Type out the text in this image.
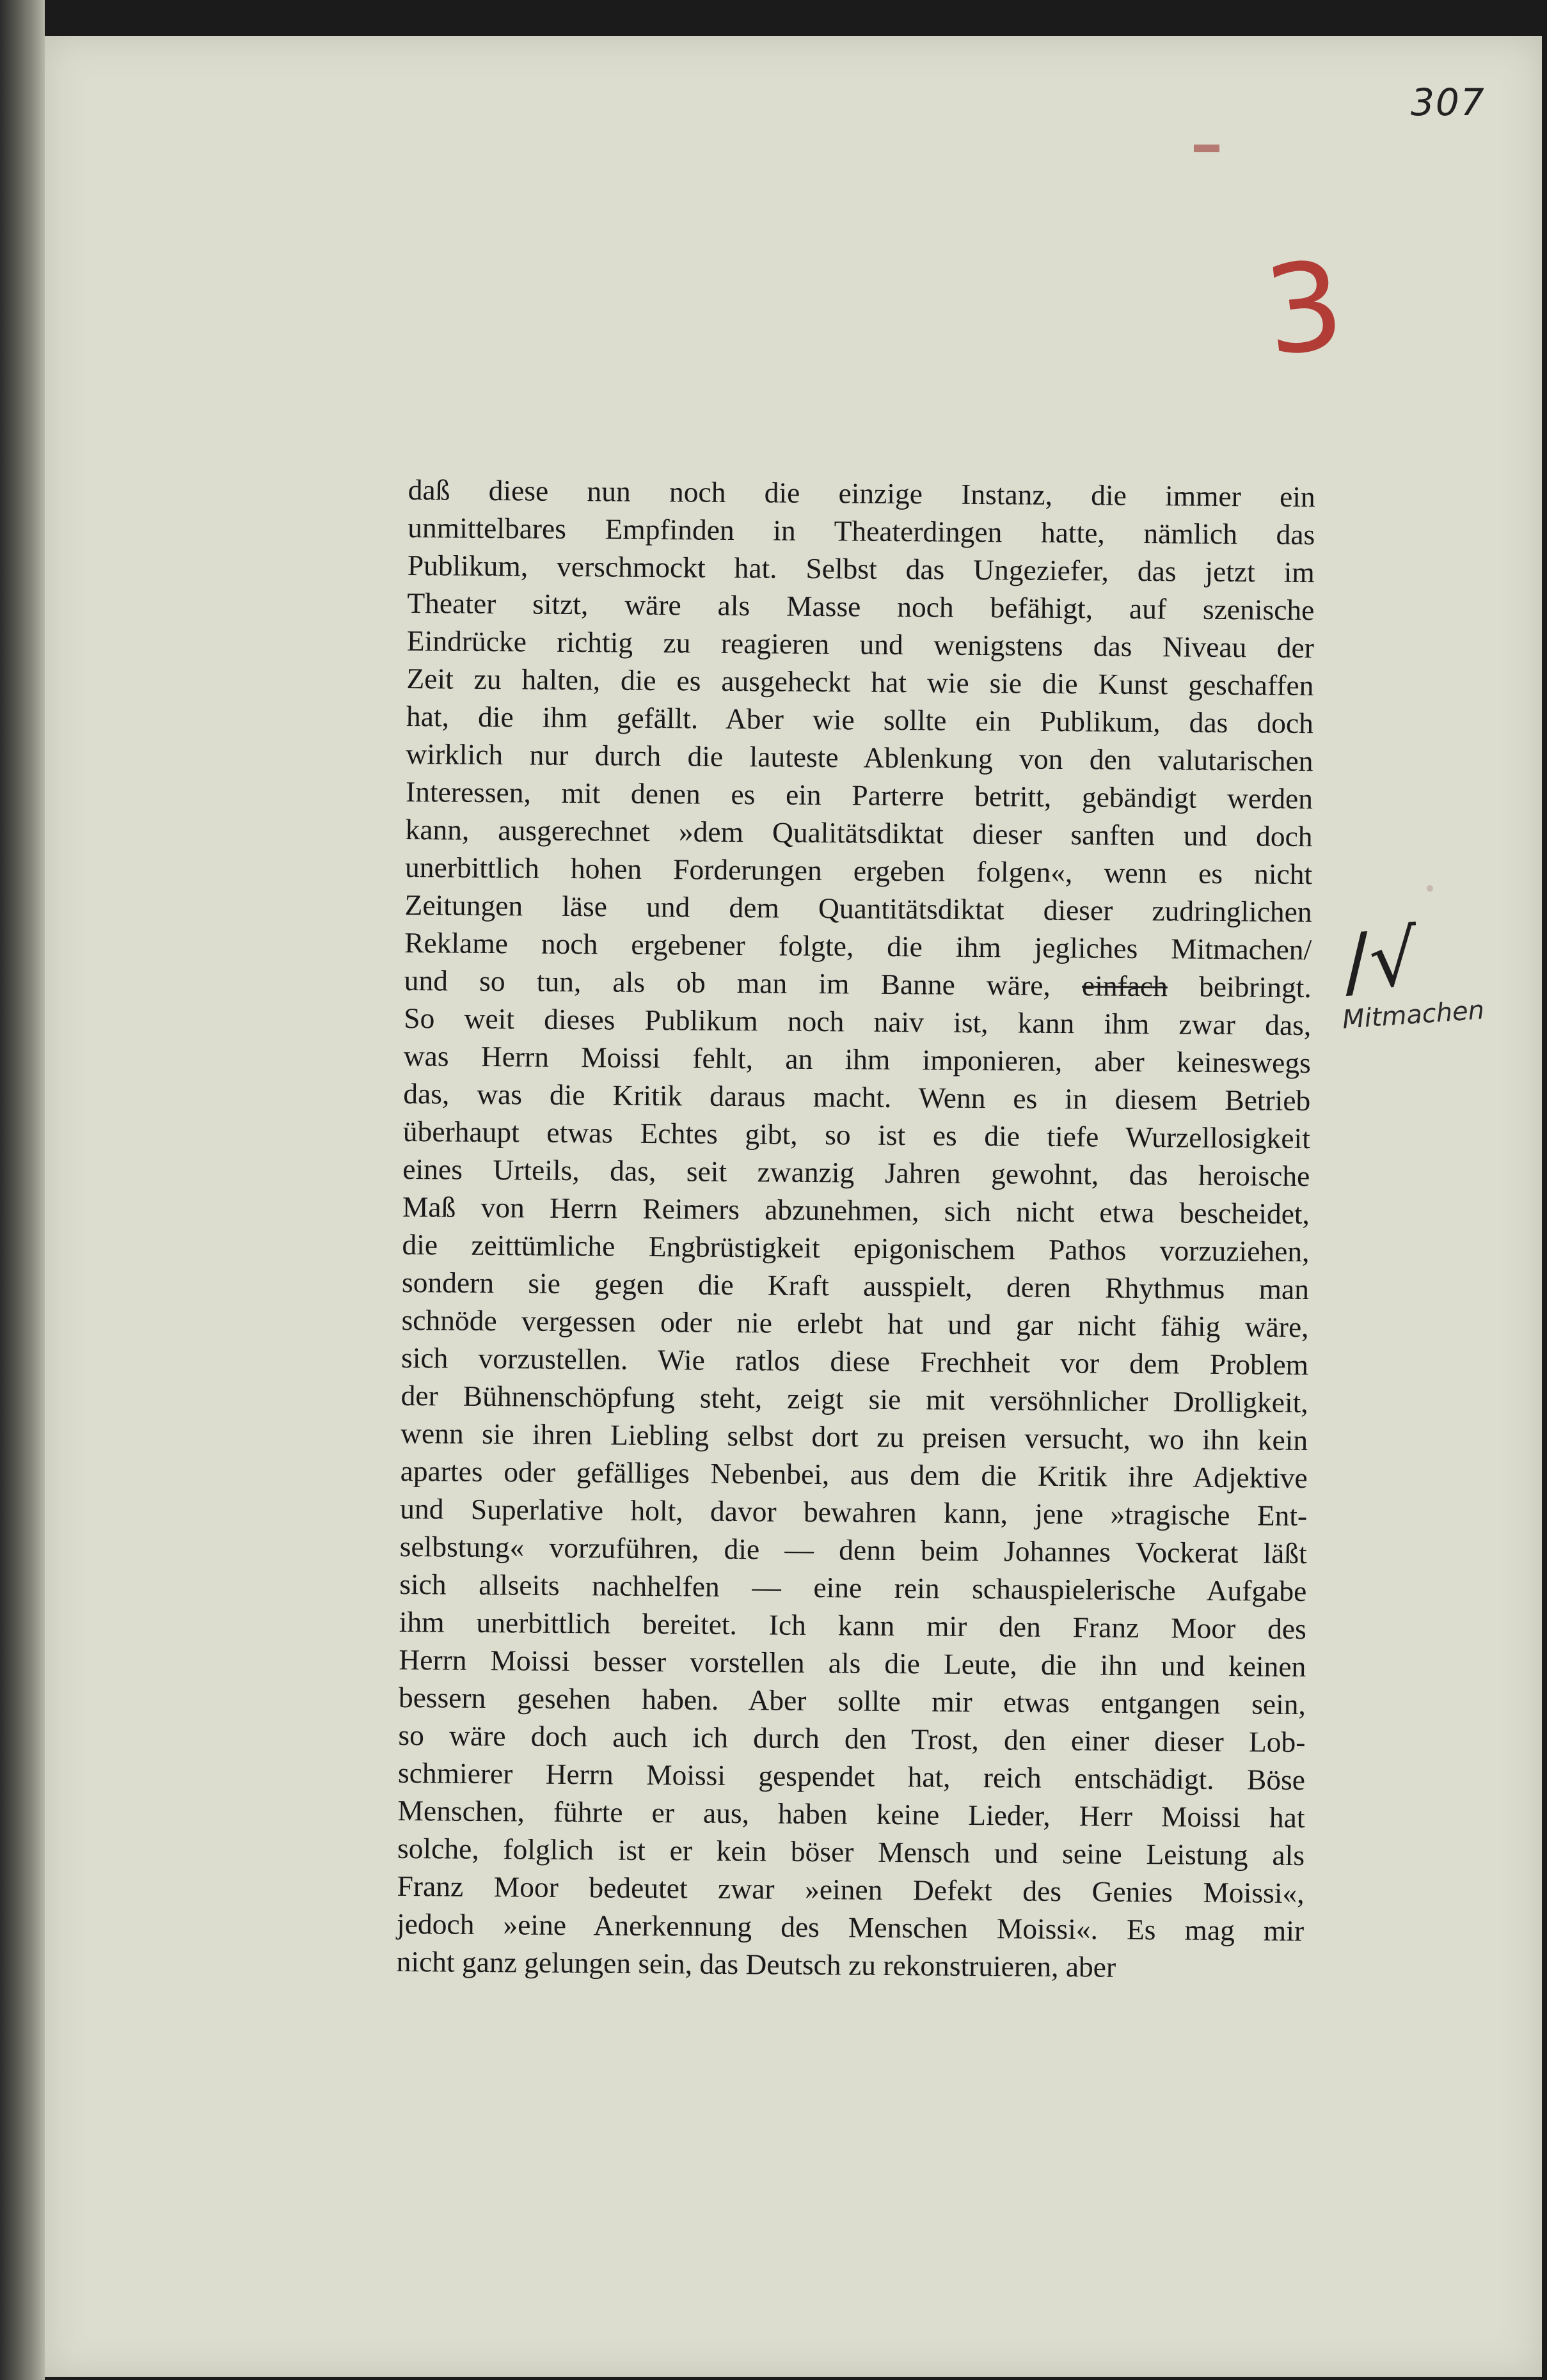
307
3
daß diese nun noch die einzige Instanz, die immer ein
unmittelbares Empfinden in Theaterdingen hatte, nämlich das
Publikum, verschmockt hat. Selbst das Ungeziefer, das jetzt im
Theater sitzt, wäre als Masse noch befähigt, auf szenische
Eindrücke richtig zu reagieren und wenigstens das Niveau der
Zeit zu halten, die es ausgeheckt hat wie sie die Kunst geschaffen
hat, die ihm gefällt. Aber wie sollte ein Publikum, das doch
wirklich nur durch die lauteste Ablenkung von den valutarischen
Interessen, mit denen es ein Parterre betritt, gebändigt werden
kann, ausgerechnet »dem Qualitätsdiktat dieser sanften und doch
unerbittlich hohen Forderungen ergeben folgen«, wenn es nicht
Zeitungen läse und dem Quantitätsdiktat dieser zudringlichen
Reklame noch ergebener folgte, die ihm jegliches Mitmachen/
und so tun, als ob man im Banne wäre, einfach beibringt.
So weit dieses Publikum noch naiv ist, kann ihm zwar das,
was Herrn Moissi fehlt, an ihm imponieren, aber keineswegs
das, was die Kritik daraus macht. Wenn es in diesem Betrieb
überhaupt etwas Echtes gibt, so ist es die tiefe Wurzellosigkeit
eines Urteils, das, seit zwanzig Jahren gewohnt, das heroische
Maß von Herrn Reimers abzunehmen, sich nicht etwa bescheidet,
die zeittümliche Engbrüstigkeit epigonischem Pathos vorzuziehen,
sondern sie gegen die Kraft ausspielt, deren Rhythmus man
schnöde vergessen oder nie erlebt hat und gar nicht fähig wäre,
sich vorzustellen. Wie ratlos diese Frechheit vor dem Problem
der Bühnenschöpfung steht, zeigt sie mit versöhnlicher Drolligkeit,
wenn sie ihren Liebling selbst dort zu preisen versucht, wo ihn kein
apartes oder gefälliges Nebenbei, aus dem die Kritik ihre Adjektive
und Superlative holt, davor bewahren kann, jene »tragische Ent-
selbstung« vorzuführen, die — denn beim Johannes Vockerat läßt
sich allseits nachhelfen — eine rein schauspielerische Aufgabe
ihm unerbittlich bereitet. Ich kann mir den Franz Moor des
Herrn Moissi besser vorstellen als die Leute, die ihn und keinen
bessern gesehen haben. Aber sollte mir etwas entgangen sein,
so wäre doch auch ich durch den Trost, den einer dieser Lob-
schmierer Herrn Moissi gespendet hat, reich entschädigt. Böse
Menschen, führte er aus, haben keine Lieder, Herr Moissi hat
solche, folglich ist er kein böser Mensch und seine Leistung als
Franz Moor bedeutet zwar »einen Defekt des Genies Moissi«,
jedoch »eine Anerkennung des Menschen Moissi«. Es mag mir
nicht ganz gelungen sein, das Deutsch zu rekonstruieren, aber
/√
Mitmachen
